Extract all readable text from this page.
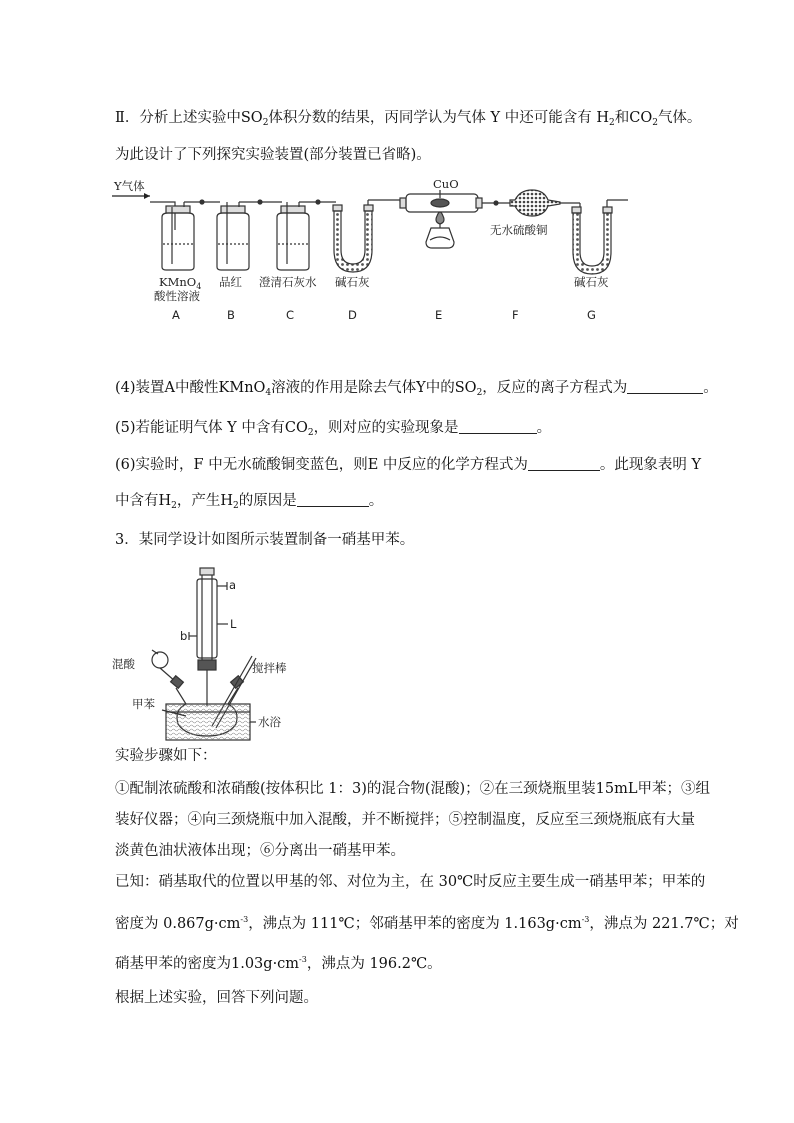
Ⅱ．分析上述实验中$SO_2$体积分数的结果，丙同学认为气体 Y 中还可能含有 $H_2$和$CO_2$气体。
为此设计了下列探究实验装置(部分装置已省略)。
Y气体	CuO
无水硫酸铜
KMnO$_4$
酸性溶液
品红 澄清石灰水 碱石灰	碱石灰
A	B	C	D	E	F	G
(4)装置A中酸性KMnO$_4$溶液的作用是除去气体Y中的$SO_2$，反应的离子方程式为	。
(5)若能证明气体 Y 中含有$CO_2$，则对应的实验现象是	。
(6)实验时，F 中无水硫酸铜变蓝色，则E 中反应的化学方程式为	。此现象表明 Y
中含有$H_2$，产生$H_2$的原因是	。
3．某同学设计如图所示装置制备一硝基甲苯。
a
b
L
混酸	搅拌棒
甲苯
水浴
实验步骤如下：
①配制浓硫酸和浓硝酸(按体积比 1：3)的混合物(混酸)；②在三颈烧瓶里装15mL甲苯；③组
装好仪器；④向三颈烧瓶中加入混酸，并不断搅拌；⑤控制温度，反应至三颈烧瓶底有大量
淡黄色油状液体出现；⑥分离出一硝基甲苯。
已知：硝基取代的位置以甲基的邻、对位为主，在 30℃时反应主要生成一硝基甲苯；甲苯的
密度为 $0.867g\cdot cm^{-3}$，沸点为 111℃；邻硝基甲苯的密度为 $1.163g\cdot cm^{-3}$，沸点为 221.7℃；对
硝基甲苯的密度为$1.03g\cdot cm^{-3}$，沸点为 196.2℃。
根据上述实验，回答下列问题。
